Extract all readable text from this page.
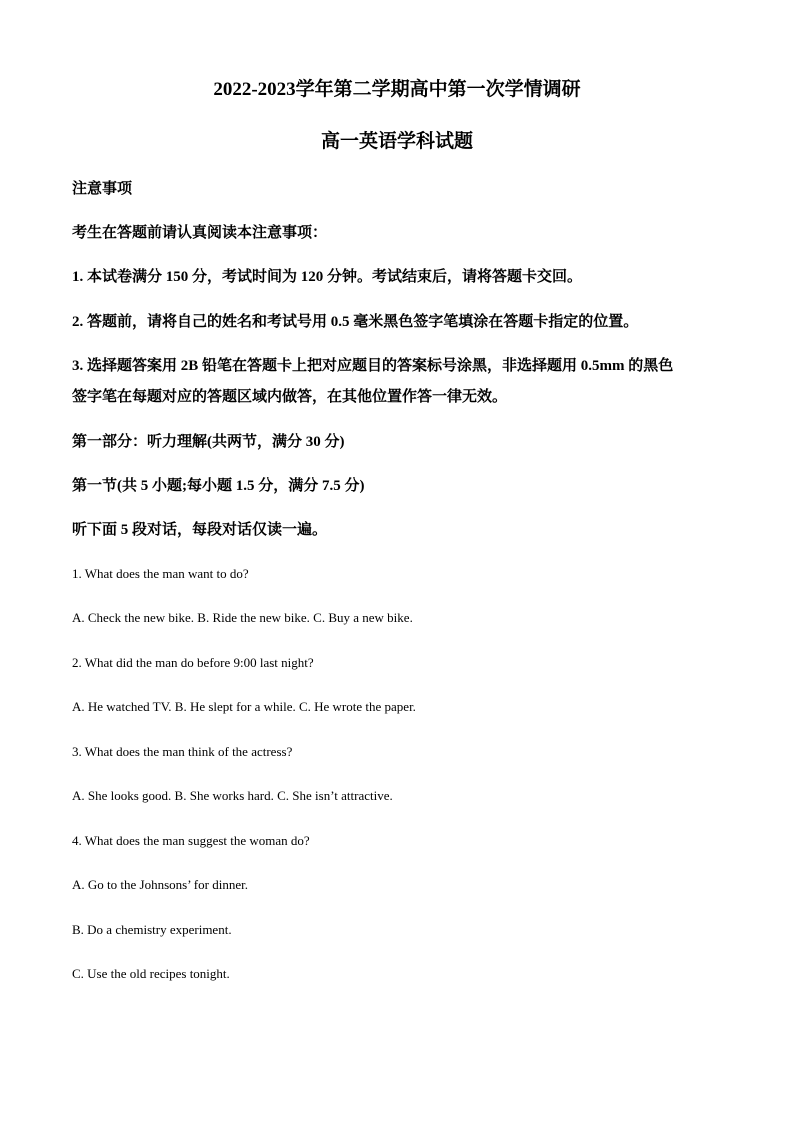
2022-2023学年第二学期高中第一次学情调研
高一英语学科试题
注意事项
考生在答题前请认真阅读本注意事项：
1. 本试卷满分 150 分，考试时间为 120 分钟。考试结束后，请将答题卡交回。
2. 答题前，请将自己的姓名和考试号用 0.5 毫米黑色签字笔填涂在答题卡指定的位置。
3. 选择题答案用 2B 铅笔在答题卡上把对应题目的答案标号涂黑，非选择题用 0.5mm 的黑色
签字笔在每题对应的答题区域内做答，在其他位置作答一律无效。
第一部分：听力理解(共两节，满分 30 分)
第一节(共 5 小题;每小题 1.5 分，满分 7.5 分)
听下面 5 段对话，每段对话仅读一遍。
1. What does the man want to do?
A. Check the new bike. B. Ride the new bike. C. Buy a new bike.
2. What did the man do before 9:00 last night?
A. He watched TV. B. He slept for a while. C. He wrote the paper.
3. What does the man think of the actress?
A. She looks good. B. She works hard. C. She isn’t attractive.
4. What does the man suggest the woman do?
A. Go to the Johnsons’ for dinner.
B. Do a chemistry experiment.
C. Use the old recipes tonight.
